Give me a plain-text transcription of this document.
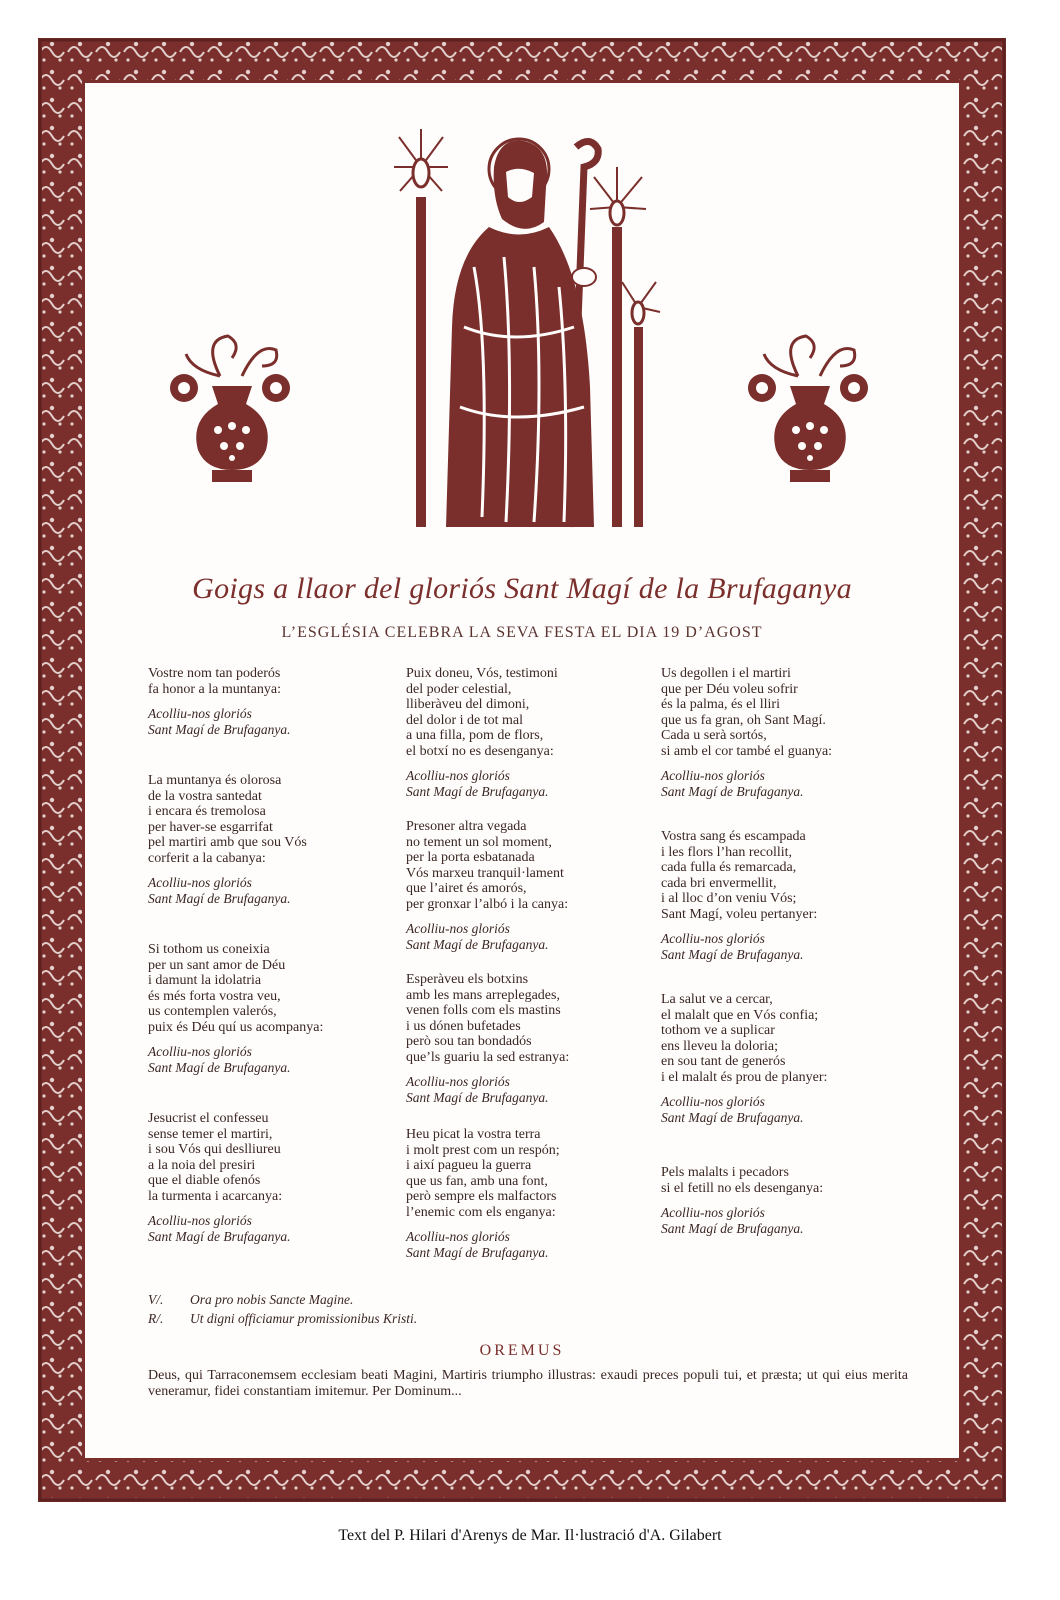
Goigs a llaor del gloriós Sant Magí de la Brufaganya
L’ESGLÉSIA CELEBRA LA SEVA FESTA EL DIA 19 D’AGOST
Vostre nom tan poderós
fa honor a la muntanya:
Acolliu-nos gloriós
Sant Magí de Brufaganya.
La muntanya és olorosa
de la vostra santedat
i encara és tremolosa
per haver-se esgarrifat
pel martiri amb que sou Vós
corferit a la cabanya:
Acolliu-nos gloriós
Sant Magí de Brufaganya.
Si tothom us coneixia
per un sant amor de Déu
i damunt la idolatria
és més forta vostra veu,
us contemplen valerós,
puix és Déu quí us acompanya:
Acolliu-nos gloriós
Sant Magí de Brufaganya.
Jesucrist el confesseu
sense temer el martiri,
i sou Vós qui deslliureu
a la noia del presiri
que el diable ofenós
la turmenta i acarcanya:
Acolliu-nos gloriós
Sant Magí de Brufaganya.
Puix doneu, Vós, testimoni
del poder celestial,
lliberàveu del dimoni,
del dolor i de tot mal
a una filla, pom de flors,
el botxí no es desenganya:
Acolliu-nos gloriós
Sant Magí de Brufaganya.
Presoner altra vegada
no tement un sol moment,
per la porta esbatanada
Vós marxeu tranquil·lament
que l’airet és amorós,
per gronxar l’albó i la canya:
Acolliu-nos gloriós
Sant Magí de Brufaganya.
Esperàveu els botxins
amb les mans arreplegades,
venen folls com els mastins
i us dónen bufetades
però sou tan bondadós
que’ls guariu la sed estranya:
Acolliu-nos gloriós
Sant Magí de Brufaganya.
Heu picat la vostra terra
i molt prest com un respón;
i així pagueu la guerra
que us fan, amb una font,
però sempre els malfactors
l’enemic com els enganya:
Acolliu-nos gloriós
Sant Magí de Brufaganya.
Us degollen i el martiri
que per Déu voleu sofrir
és la palma, és el lliri
que us fa gran, oh Sant Magí.
Cada u serà sortós,
si amb el cor també el guanya:
Acolliu-nos gloriós
Sant Magí de Brufaganya.
Vostra sang és escampada
i les flors l’han recollit,
cada fulla és remarcada,
cada bri envermellit,
i al lloc d’on veniu Vós;
Sant Magí, voleu pertanyer:
Acolliu-nos gloriós
Sant Magí de Brufaganya.
La salut ve a cercar,
el malalt que en Vós confia;
tothom ve a suplicar
ens lleveu la doloria;
en sou tant de generós
i el malalt és prou de planyer:
Acolliu-nos gloriós
Sant Magí de Brufaganya.
Pels malalts i pecadors
si el fetill no els desenganya:
Acolliu-nos gloriós
Sant Magí de Brufaganya.
V/. Ora pro nobis Sancte Magine.
R/. Ut digni officiamur promissionibus Kristi.
OREMUS
Deus, qui Tarraconemsem ecclesiam beati Magini, Martiris triumpho illustras: exaudi preces populi tui, et præsta; ut qui eius merita veneramur, fidei constantiam imitemur. Per Dominum...
Text del P. Hilari d'Arenys de Mar. Il·lustració d'A. Gilabert
